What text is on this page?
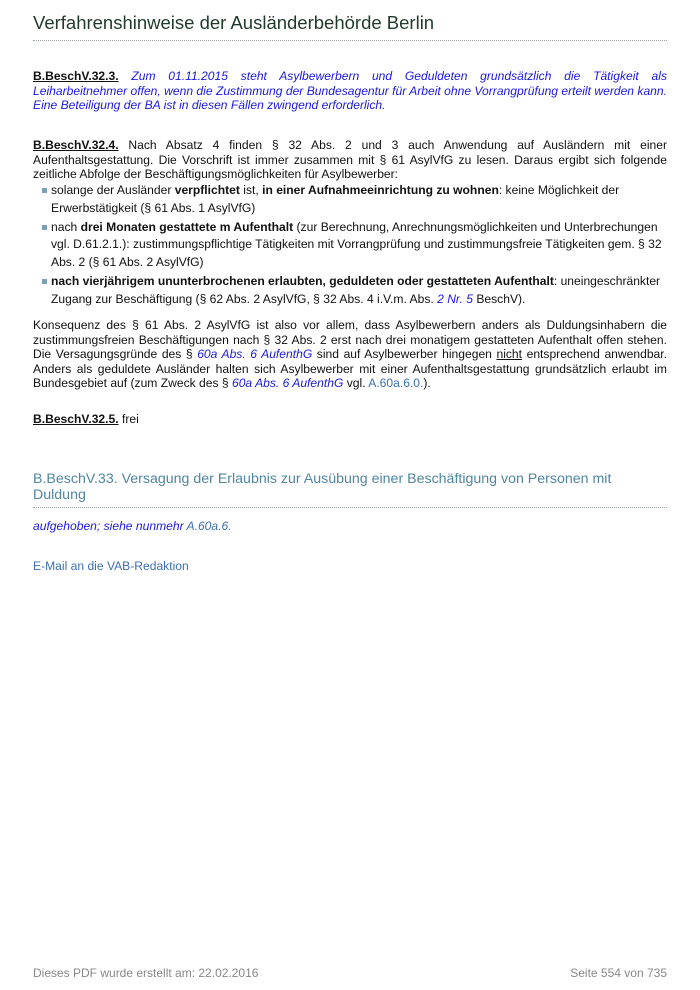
Verfahrenshinweise der Ausländerbehörde Berlin
B.BeschV.32.3. Zum 01.11.2015 steht Asylbewerbern und Geduldeten grundsätzlich die Tätigkeit als Leiharbeitnehmer offen, wenn die Zustimmung der Bundesagentur für Arbeit ohne Vorrangprüfung erteilt werden kann. Eine Beteiligung der BA ist in diesen Fällen zwingend erforderlich.
B.BeschV.32.4. Nach Absatz 4 finden § 32 Abs. 2 und 3 auch Anwendung auf Ausländern mit einer Aufenthaltsgestattung. Die Vorschrift ist immer zusammen mit § 61 AsylVfG zu lesen. Daraus ergibt sich folgende zeitliche Abfolge der Beschäftigungsmöglichkeiten für Asylbewerber:
solange der Ausländer verpflichtet ist, in einer Aufnahmeeinrichtung zu wohnen: keine Möglichkeit der Erwerbstätigkeit (§ 61 Abs. 1 AsylVfG)
nach drei Monaten gestattete m Aufenthalt (zur Berechnung, Anrechnungsmöglichkeiten und Unterbrechungen vgl. D.61.2.1.): zustimmungspflichtige Tätigkeiten mit Vorrangprüfung und zustimmungsfreie Tätigkeiten gem. § 32 Abs. 2 (§ 61 Abs. 2 AsylVfG)
nach vierjährigem ununterbrochenen erlaubten, geduldeten oder gestatteten Aufenthalt: uneingeschränkter Zugang zur Beschäftigung (§ 62 Abs. 2 AsylVfG, § 32 Abs. 4 i.V.m. Abs. 2 Nr. 5 BeschV).
Konsequenz des § 61 Abs. 2 AsylVfG ist also vor allem, dass Asylbewerbern anders als Duldungsinhabern die zustimmungsfreien Beschäftigungen nach § 32 Abs. 2 erst nach drei monatigem gestatteten Aufenthalt offen stehen. Die Versagungsgründe des § 60a Abs. 6 AufenthG sind auf Asylbewerber hingegen nicht entsprechend anwendbar. Anders als geduldete Ausländer halten sich Asylbewerber mit einer Aufenthaltsgestattung grundsätzlich erlaubt im Bundesgebiet auf (zum Zweck des § 60a Abs. 6 AufenthG vgl. A.60a.6.0.).
B.BeschV.32.5. frei
B.BeschV.33. Versagung der Erlaubnis zur Ausübung einer Beschäftigung von Personen mit Duldung
aufgehoben; siehe nunmehr A.60a.6.
E-Mail an die VAB-Redaktion
Dieses PDF wurde erstellt am: 22.02.2016	Seite 554 von 735
